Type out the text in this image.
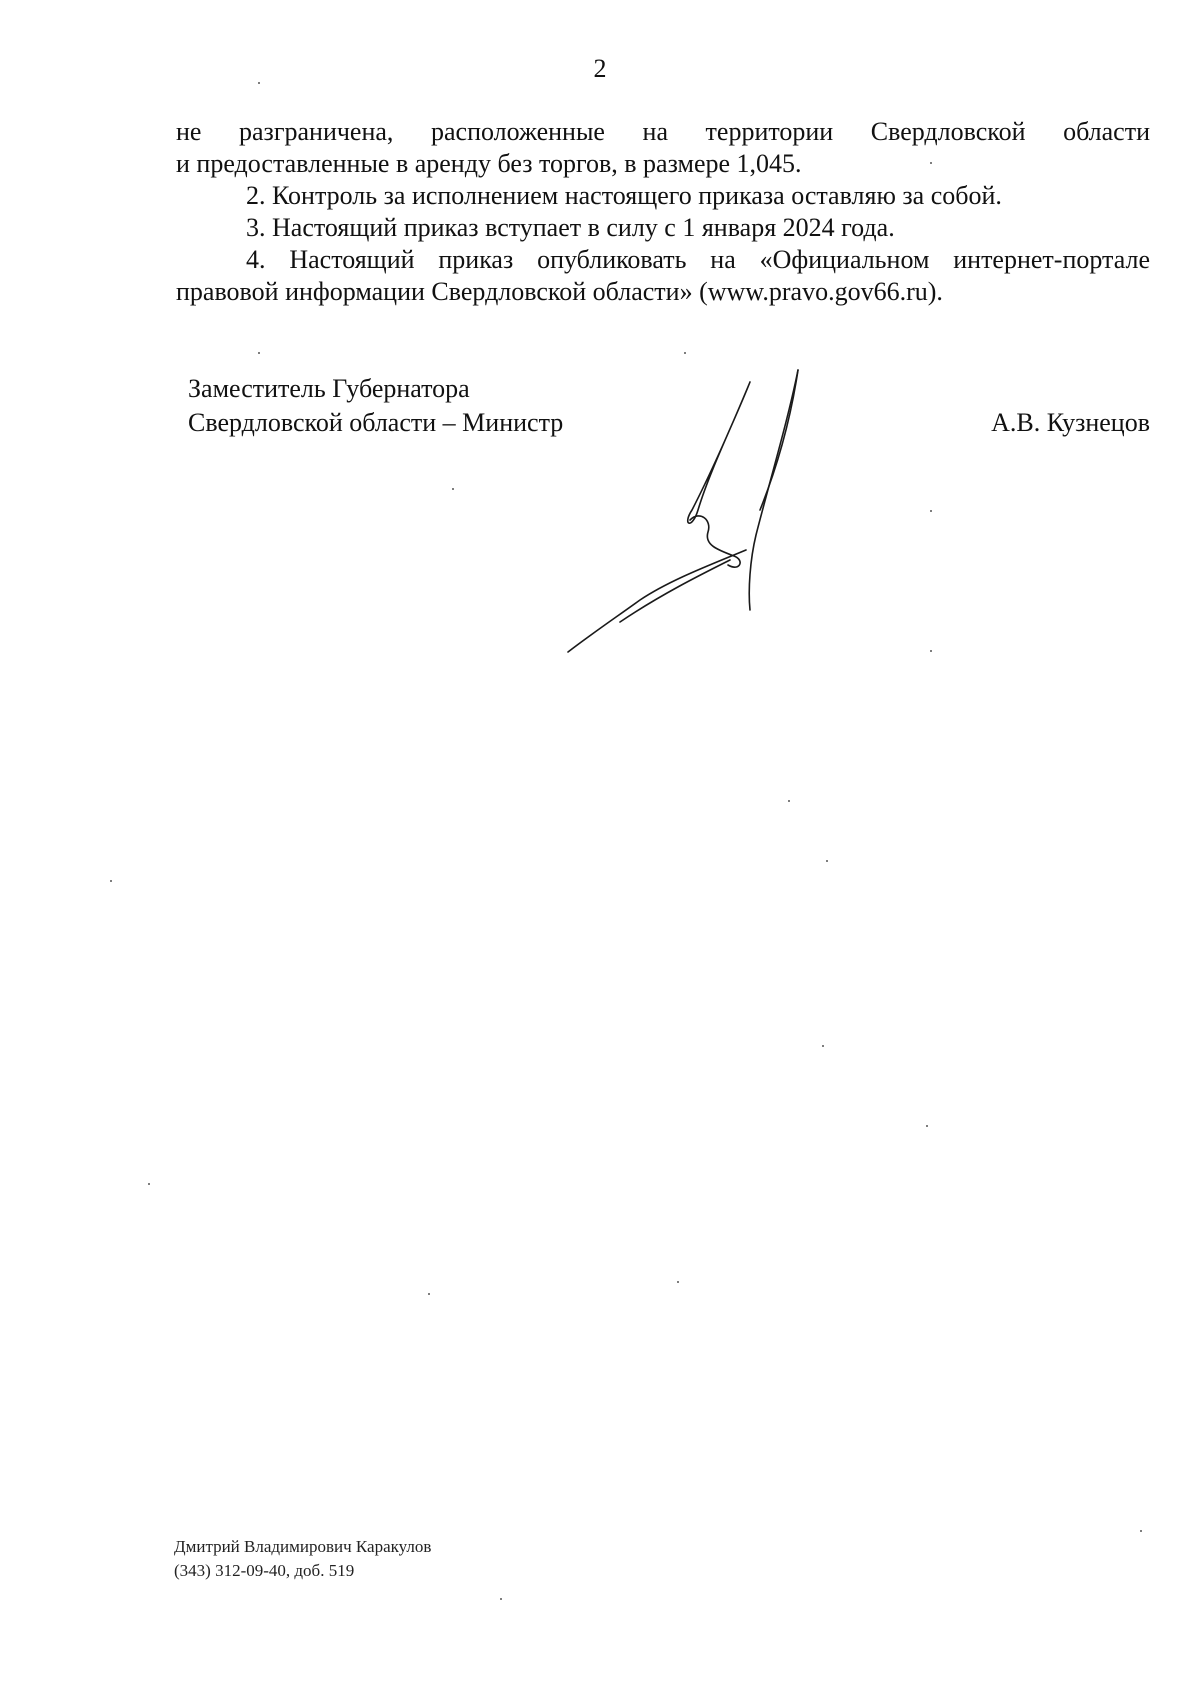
2

не разграничена, расположенные на территории Свердловской области
и предоставленные в аренду без торгов, в размере 1,045.

2. Контроль за исполнением настоящего приказа оставляю за собой.

3. Настоящий приказ вступает в силу с 1 января 2024 года.

4. Настоящий приказ опубликовать на «Официальном интернет-портале
правовой информации Свердловской области» (www.pravo.gov66.ru).

Заместитель Губернатора
Свердловской области – Министр	А.В. Кузнецов
Дмитрий Владимирович Каракулов
(343) 312-09-40, доб. 519
